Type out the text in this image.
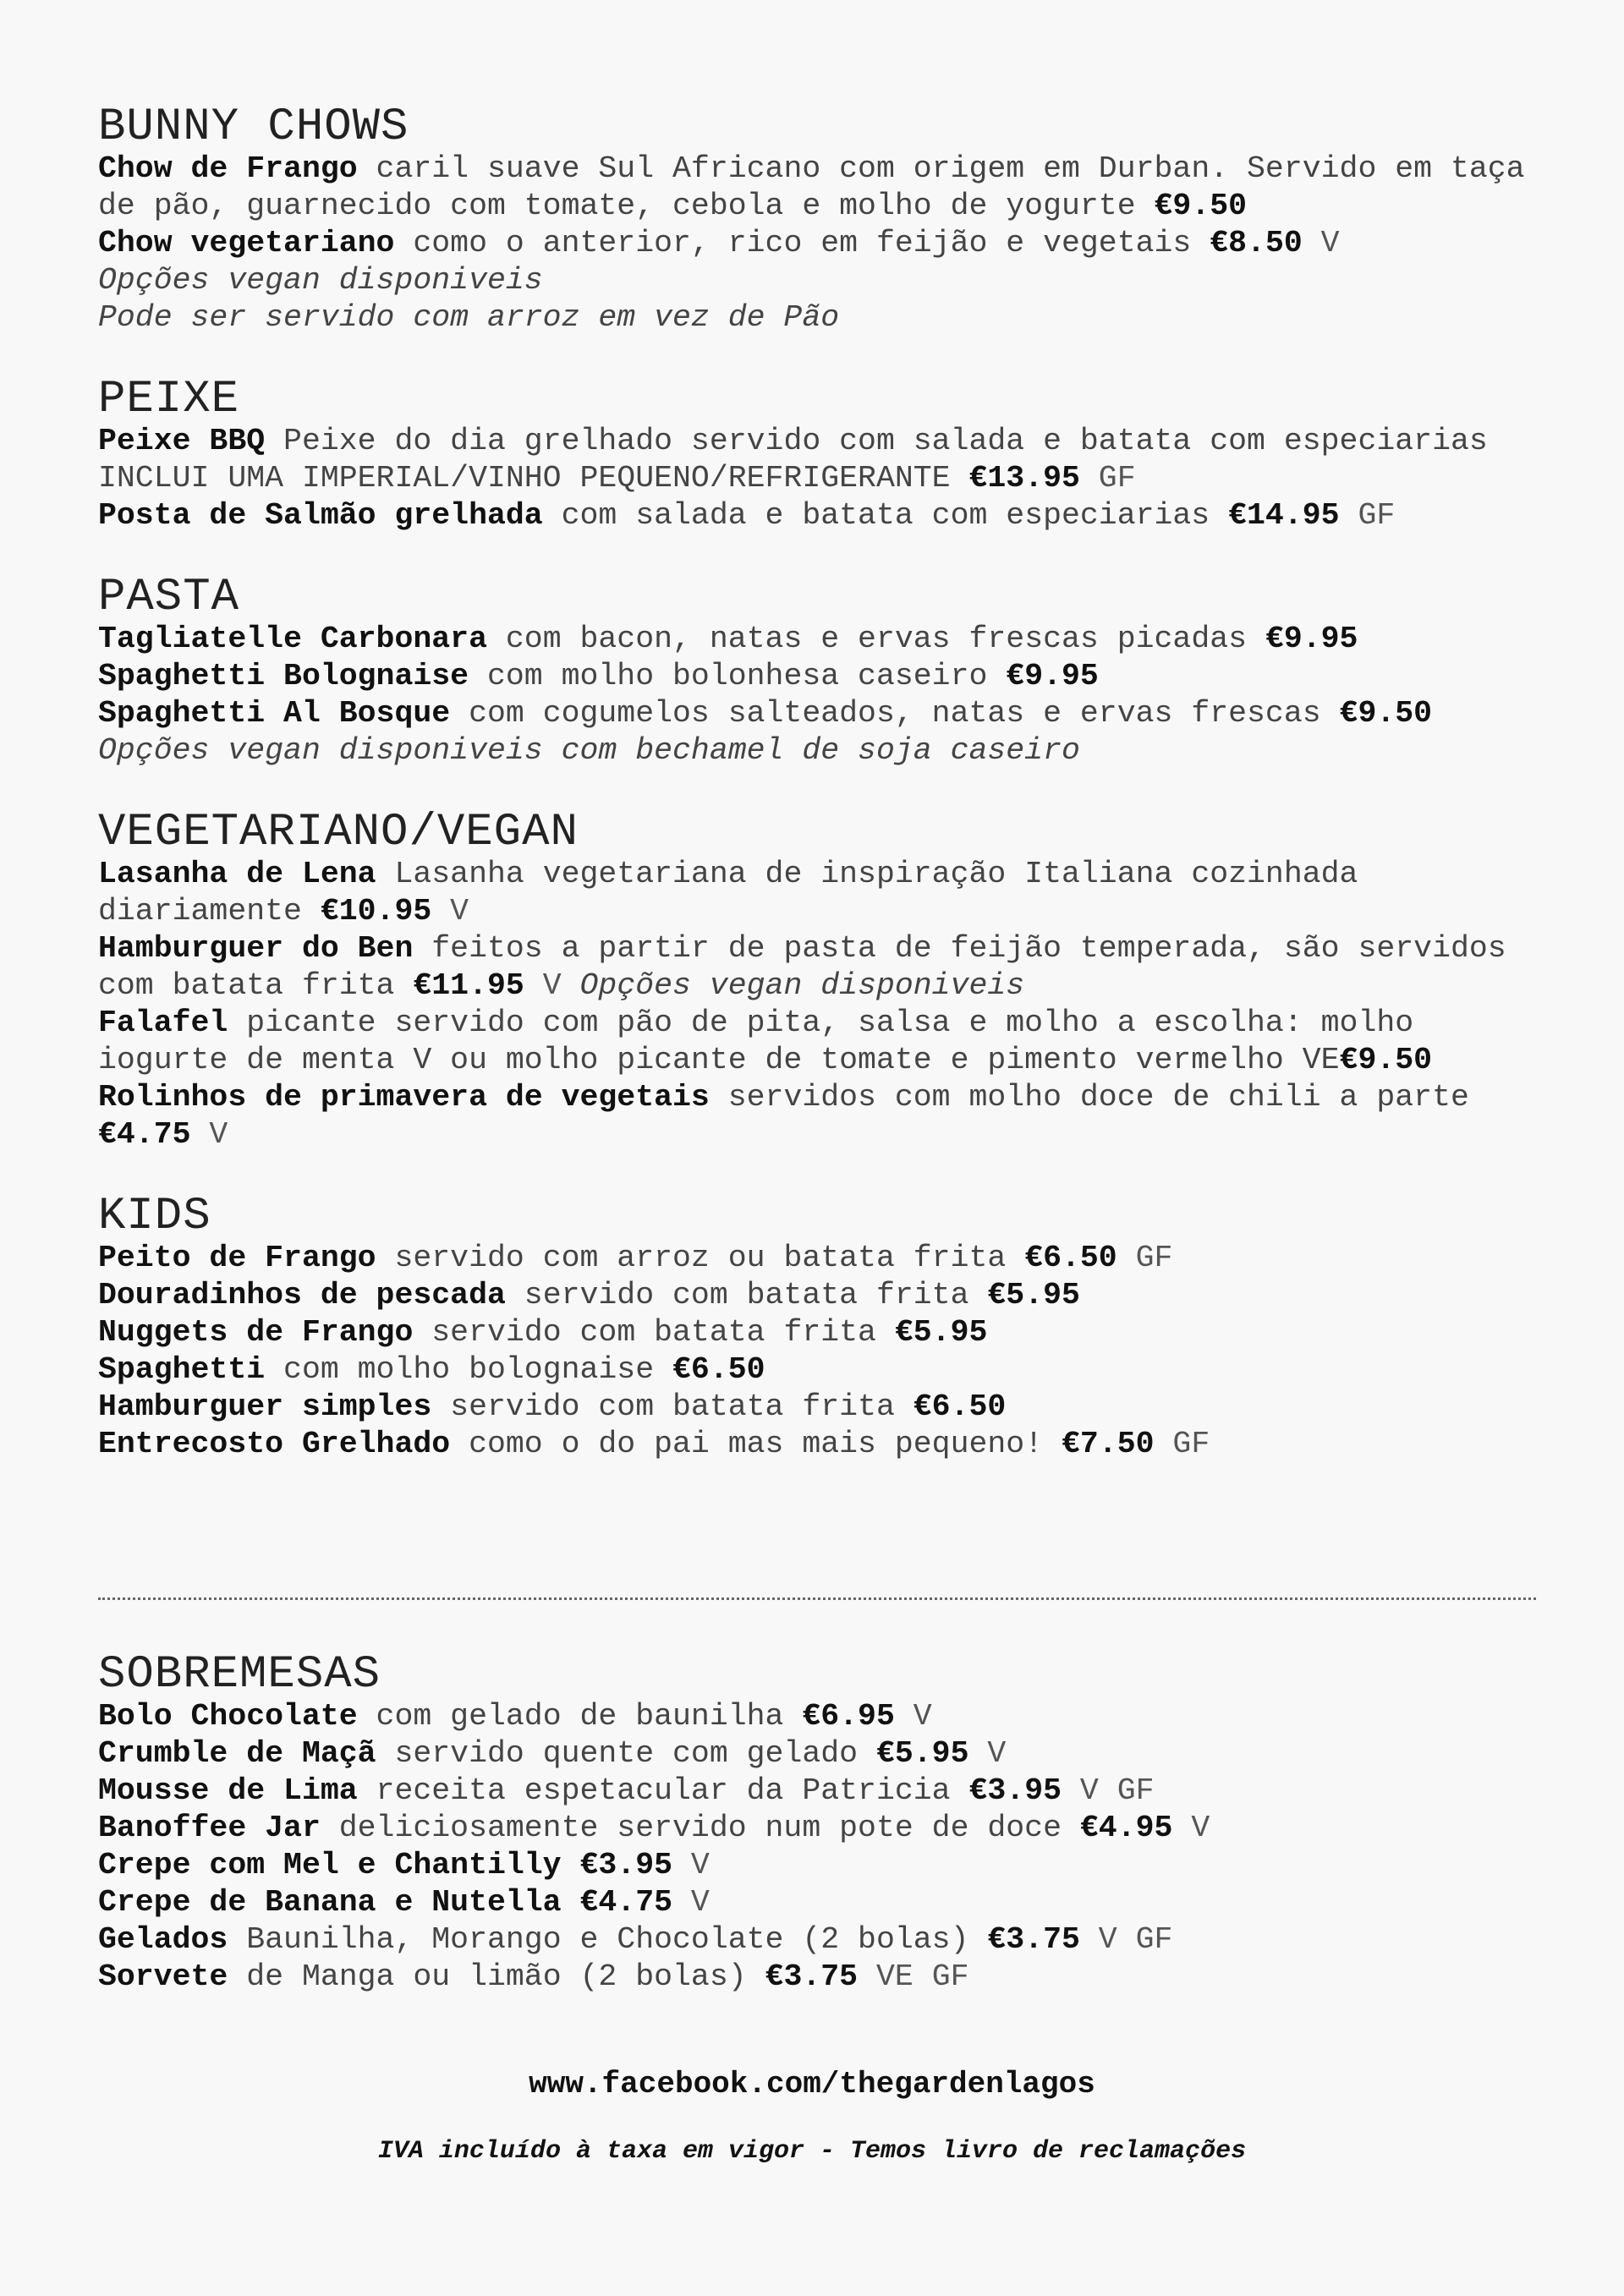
BUNNY CHOWS
Chow de Frango caril suave Sul Africano com origem em Durban. Servido em taça de pão, guarnecido com tomate, cebola e molho de yogurte €9.50
Chow vegetariano como o anterior, rico em feijão e vegetais €8.50 V
Opções vegan disponiveis
Pode ser servido com arroz em vez de Pão
PEIXE
Peixe BBQ Peixe do dia grelhado servido com salada e batata com especiarias INCLUI UMA IMPERIAL/VINHO PEQUENO/REFRIGERANTE €13.95 GF
Posta de Salmão grelhada com salada e batata com especiarias €14.95 GF
PASTA
Tagliatelle Carbonara com bacon, natas e ervas frescas picadas €9.95
Spaghetti Bolognaise com molho bolonhesa caseiro €9.95
Spaghetti Al Bosque com cogumelos salteados, natas e ervas frescas €9.50
Opções vegan disponiveis com bechamel de soja caseiro
VEGETARIANO/VEGAN
Lasanha de Lena Lasanha vegetariana de inspiração Italiana cozinhada diariamente €10.95 V
Hamburguer do Ben feitos a partir de pasta de feijão temperada, são servidos com batata frita €11.95 V Opções vegan disponiveis
Falafel picante servido com pão de pita, salsa e molho a escolha: molho iogurte de menta V ou molho picante de tomate e pimento vermelho VE€9.50
Rolinhos de primavera de vegetais servidos com molho doce de chili a parte €4.75 V
KIDS
Peito de Frango servido com arroz ou batata frita €6.50 GF
Douradinhos de pescada servido com batata frita €5.95
Nuggets de Frango servido com batata frita €5.95
Spaghetti com molho bolognaise €6.50
Hamburguer simples servido com batata frita €6.50
Entrecosto Grelhado como o do pai mas mais pequeno! €7.50 GF
SOBREMESAS
Bolo Chocolate com gelado de baunilha €6.95 V
Crumble de Maçã servido quente com gelado €5.95 V
Mousse de Lima receita espetacular da Patricia €3.95 V GF
Banoffee Jar deliciosamente servido num pote de doce €4.95 V
Crepe com Mel e Chantilly €3.95 V
Crepe de Banana e Nutella €4.75 V
Gelados Baunilha, Morango e Chocolate (2 bolas) €3.75 V GF
Sorvete de Manga ou limão (2 bolas) €3.75 VE GF
www.facebook.com/thegardenlagos
IVA incluído à taxa em vigor - Temos livro de reclamações
